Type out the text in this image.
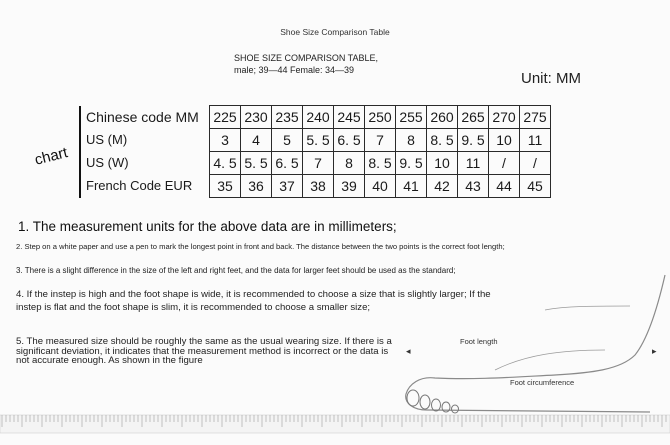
Shoe Size Comparison Table
SHOE SIZE COMPARISON TABLE,
male; 39—44 Female: 34—39	Unit: MM
chart
Chinese code MM	225	230	235	240	245	250	255	260	265	270	275
US (M)	3	4	5	5. 5	6. 5	7	8	8. 5	9. 5	10	11
US (W)	4. 5	5. 5	6. 5	7	8	8. 5	9. 5	10	11	/	/
French Code EUR	35	36	37	38	39	40	41	42	43	44	45
1. The measurement units for the above data are in millimeters;
2. Step on a white paper and use a pen to mark the longest point in front and back. The distance between the two points is the correct foot length;
3. There is a slight difference in the size of the left and right feet, and the data for larger feet should be used as the standard;
4. If the instep is high and the foot shape is wide, it is recommended to choose a size that is slightly larger; If the instep is flat and the foot shape is slim, it is recommended to choose a smaller size;
5. The measured size should be roughly the same as the usual wearing size. If there is a significant deviation, it indicates that the measurement method is incorrect or the data is not accurate enough. As shown in the figure
Foot length
Foot circumference
◂	▸
